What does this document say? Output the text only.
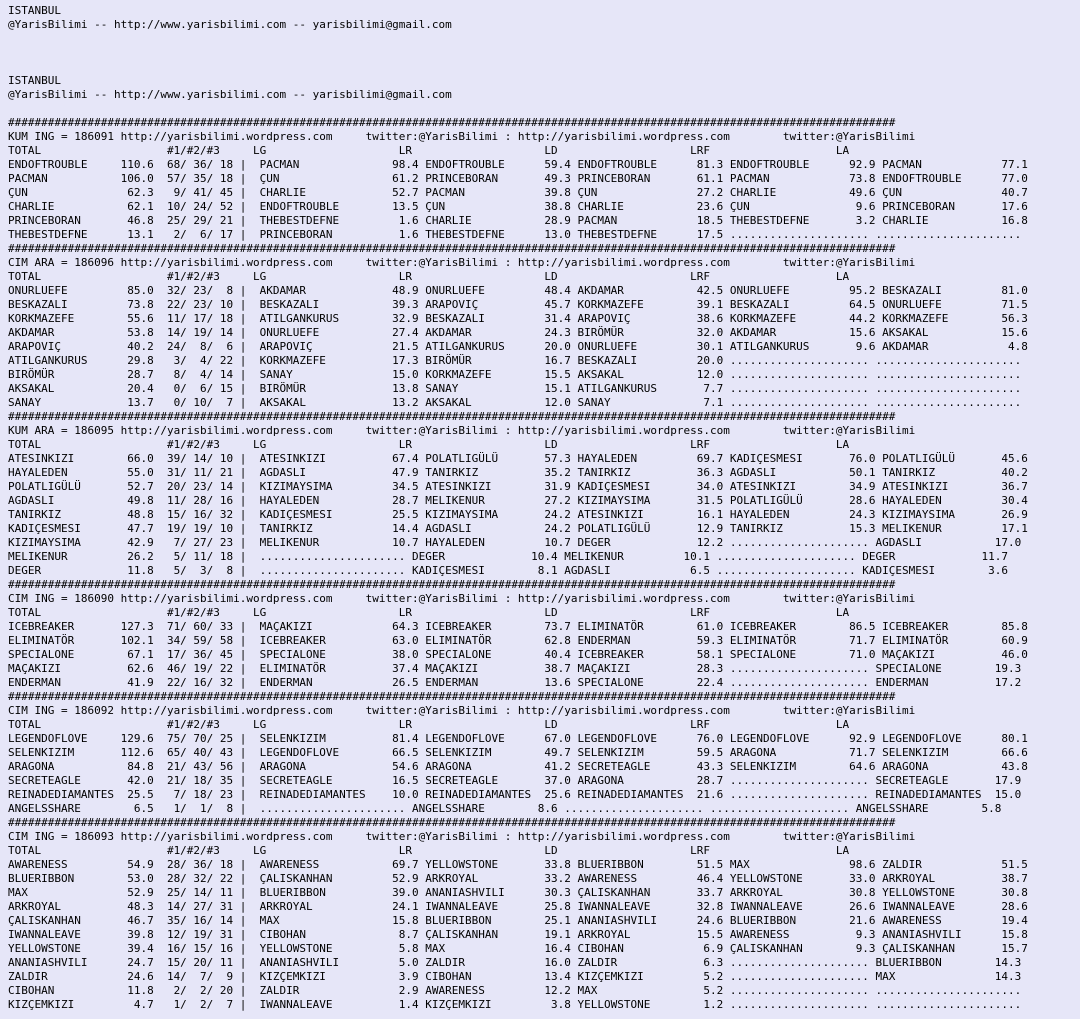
ISTANBUL
@YarisBilimi -- http://www.yarisbilimi.com -- yarisbilimi@gmail.com
ISTANBUL
@YarisBilimi -- http://www.yarisbilimi.com -- yarisbilimi@gmail.com
######################################################################################################################################
KUM ING = 186091 http://yarisbilimi.wordpress.com     twitter:@YarisBilimi : http://yarisbilimi.wordpress.com        twitter:@YarisBilimi
TOTAL                   #1/#2/#3     LG                    LR                    LD                    LRF                   LA
ENDOFTROUBLE     110.6  68/ 36/ 18 |  PACMAN              98.4 ENDOFTROUBLE      59.4 ENDOFTROUBLE      81.3 ENDOFTROUBLE      92.9 PACMAN            77.1
PACMAN           106.0  57/ 35/ 18 |  ÇUN                 61.2 PRINCEBORAN       49.3 PRINCEBORAN       61.1 PACMAN            73.8 ENDOFTROUBLE      77.0
ÇUN               62.3   9/ 41/ 45 |  CHARLIE             52.7 PACMAN            39.8 ÇUN               27.2 CHARLIE           49.6 ÇUN               40.7
CHARLIE           62.1  10/ 24/ 52 |  ENDOFTROUBLE        13.5 ÇUN               38.8 CHARLIE           23.6 ÇUN                9.6 PRINCEBORAN       17.6
PRINCEBORAN       46.8  25/ 29/ 21 |  THEBESTDEFNE         1.6 CHARLIE           28.9 PACMAN            18.5 THEBESTDEFNE       3.2 CHARLIE           16.8
THEBESTDEFNE      13.1   2/  6/ 17 |  PRINCEBORAN          1.6 THEBESTDEFNE      13.0 THEBESTDEFNE      17.5 ..................... ......................
######################################################################################################################################
CIM ARA = 186096 http://yarisbilimi.wordpress.com     twitter:@YarisBilimi : http://yarisbilimi.wordpress.com        twitter:@YarisBilimi
TOTAL                   #1/#2/#3     LG                    LR                    LD                    LRF                   LA
ONURLUEFE         85.0  32/ 23/  8 |  AKDAMAR             48.9 ONURLUEFE         48.4 AKDAMAR           42.5 ONURLUEFE         95.2 BESKAZALI         81.0
BESKAZALI         73.8  22/ 23/ 10 |  BESKAZALI           39.3 ARAPOVIÇ          45.7 KORKMAZEFE        39.1 BESKAZALI         64.5 ONURLUEFE         71.5
KORKMAZEFE        55.6  11/ 17/ 18 |  ATILGANKURUS        32.9 BESKAZALI         31.4 ARAPOVIÇ          38.6 KORKMAZEFE        44.2 KORKMAZEFE        56.3
AKDAMAR           53.8  14/ 19/ 14 |  ONURLUEFE           27.4 AKDAMAR           24.3 BIRÖMÜR           32.0 AKDAMAR           15.6 AKSAKAL           15.6
ARAPOVIÇ          40.2  24/  8/  6 |  ARAPOVIÇ            21.5 ATILGANKURUS      20.0 ONURLUEFE         30.1 ATILGANKURUS       9.6 AKDAMAR            4.8
ATILGANKURUS      29.8   3/  4/ 22 |  KORKMAZEFE          17.3 BIRÖMÜR           16.7 BESKAZALI         20.0 ..................... ......................
BIRÖMÜR           28.7   8/  4/ 14 |  SANAY               15.0 KORKMAZEFE        15.5 AKSAKAL           12.0 ..................... ......................
AKSAKAL           20.4   0/  6/ 15 |  BIRÖMÜR             13.8 SANAY             15.1 ATILGANKURUS       7.7 ..................... ......................
SANAY             13.7   0/ 10/  7 |  AKSAKAL             13.2 AKSAKAL           12.0 SANAY              7.1 ..................... ......................
######################################################################################################################################
KUM ARA = 186095 http://yarisbilimi.wordpress.com     twitter:@YarisBilimi : http://yarisbilimi.wordpress.com        twitter:@YarisBilimi
TOTAL                   #1/#2/#3     LG                    LR                    LD                    LRF                   LA
ATESINKIZI        66.0  39/ 14/ 10 |  ATESINKIZI          67.4 POLATLIGÜLÜ       57.3 HAYALEDEN         69.7 KADIÇESMESI       76.0 POLATLIGÜLÜ       45.6
HAYALEDEN         55.0  31/ 11/ 21 |  AGDASLI             47.9 TANIRKIZ          35.2 TANIRKIZ          36.3 AGDASLI           50.1 TANIRKIZ          40.2
POLATLIGÜLÜ       52.7  20/ 23/ 14 |  KIZIMAYSIMA         34.5 ATESINKIZI        31.9 KADIÇESMESI       34.0 ATESINKIZI        34.9 ATESINKIZI        36.7
AGDASLI           49.8  11/ 28/ 16 |  HAYALEDEN           28.7 MELIKENUR         27.2 KIZIMAYSIMA       31.5 POLATLIGÜLÜ       28.6 HAYALEDEN         30.4
TANIRKIZ          48.8  15/ 16/ 32 |  KADIÇESMESI         25.5 KIZIMAYSIMA       24.2 ATESINKIZI        16.1 HAYALEDEN         24.3 KIZIMAYSIMA       26.9
KADIÇESMESI       47.7  19/ 19/ 10 |  TANIRKIZ            14.4 AGDASLI           24.2 POLATLIGÜLÜ       12.9 TANIRKIZ          15.3 MELIKENUR         17.1
KIZIMAYSIMA       42.9   7/ 27/ 23 |  MELIKENUR           10.7 HAYALEDEN         10.7 DEGER             12.2 ..................... AGDASLI           17.0
MELIKENUR         26.2   5/ 11/ 18 |  ...................... DEGER             10.4 MELIKENUR         10.1 ..................... DEGER             11.7
DEGER             11.8   5/  3/  8 |  ...................... KADIÇESMESI        8.1 AGDASLI            6.5 ..................... KADIÇESMESI        3.6
######################################################################################################################################
CIM ING = 186090 http://yarisbilimi.wordpress.com     twitter:@YarisBilimi : http://yarisbilimi.wordpress.com        twitter:@YarisBilimi
TOTAL                   #1/#2/#3     LG                    LR                    LD                    LRF                   LA
ICEBREAKER       127.3  71/ 60/ 33 |  MAÇAKIZI            64.3 ICEBREAKER        73.7 ELIMINATÖR        61.0 ICEBREAKER        86.5 ICEBREAKER        85.8
ELIMINATÖR       102.1  34/ 59/ 58 |  ICEBREAKER          63.0 ELIMINATÖR        62.8 ENDERMAN          59.3 ELIMINATÖR        71.7 ELIMINATÖR        60.9
SPECIALONE        67.1  17/ 36/ 45 |  SPECIALONE          38.0 SPECIALONE        40.4 ICEBREAKER        58.1 SPECIALONE        71.0 MAÇAKIZI          46.0
MAÇAKIZI          62.6  46/ 19/ 22 |  ELIMINATÖR          37.4 MAÇAKIZI          38.7 MAÇAKIZI          28.3 ..................... SPECIALONE        19.3
ENDERMAN          41.9  22/ 16/ 32 |  ENDERMAN            26.5 ENDERMAN          13.6 SPECIALONE        22.4 ..................... ENDERMAN          17.2
######################################################################################################################################
CIM ING = 186092 http://yarisbilimi.wordpress.com     twitter:@YarisBilimi : http://yarisbilimi.wordpress.com        twitter:@YarisBilimi
TOTAL                   #1/#2/#3     LG                    LR                    LD                    LRF                   LA
LEGENDOFLOVE     129.6  75/ 70/ 25 |  SELENKIZIM          81.4 LEGENDOFLOVE      67.0 LEGENDOFLOVE      76.0 LEGENDOFLOVE      92.9 LEGENDOFLOVE      80.1
SELENKIZIM       112.6  65/ 40/ 43 |  LEGENDOFLOVE        66.5 SELENKIZIM        49.7 SELENKIZIM        59.5 ARAGONA           71.7 SELENKIZIM        66.6
ARAGONA           84.8  21/ 43/ 56 |  ARAGONA             54.6 ARAGONA           41.2 SECRETEAGLE       43.3 SELENKIZIM        64.6 ARAGONA           43.8
SECRETEAGLE       42.0  21/ 18/ 35 |  SECRETEAGLE         16.5 SECRETEAGLE       37.0 ARAGONA           28.7 ..................... SECRETEAGLE       17.9
REINADEDIAMANTES  25.5   7/ 18/ 23 |  REINADEDIAMANTES    10.0 REINADEDIAMANTES  25.6 REINADEDIAMANTES  21.6 ..................... REINADEDIAMANTES  15.0
ANGELSSHARE        6.5   1/  1/  8 |  ...................... ANGELSSHARE        8.6 ..................... ..................... ANGELSSHARE        5.8
######################################################################################################################################
CIM ING = 186093 http://yarisbilimi.wordpress.com     twitter:@YarisBilimi : http://yarisbilimi.wordpress.com        twitter:@YarisBilimi
TOTAL                   #1/#2/#3     LG                    LR                    LD                    LRF                   LA
AWARENESS         54.9  28/ 36/ 18 |  AWARENESS           69.7 YELLOWSTONE       33.8 BLUERIBBON        51.5 MAX               98.6 ZALDIR            51.5
BLUERIBBON        53.0  28/ 32/ 22 |  ÇALISKANHAN         52.9 ARKROYAL          33.2 AWARENESS         46.4 YELLOWSTONE       33.0 ARKROYAL          38.7
MAX               52.9  25/ 14/ 11 |  BLUERIBBON          39.0 ANANIASHVILI      30.3 ÇALISKANHAN       33.7 ARKROYAL          30.8 YELLOWSTONE       30.8
ARKROYAL          48.3  14/ 27/ 31 |  ARKROYAL            24.1 IWANNALEAVE       25.8 IWANNALEAVE       32.8 IWANNALEAVE       26.6 IWANNALEAVE       28.6
ÇALISKANHAN       46.7  35/ 16/ 14 |  MAX                 15.8 BLUERIBBON        25.1 ANANIASHVILI      24.6 BLUERIBBON        21.6 AWARENESS         19.4
IWANNALEAVE       39.8  12/ 19/ 31 |  CIBOHAN              8.7 ÇALISKANHAN       19.1 ARKROYAL          15.5 AWARENESS          9.3 ANANIASHVILI      15.8
YELLOWSTONE       39.4  16/ 15/ 16 |  YELLOWSTONE          5.8 MAX               16.4 CIBOHAN            6.9 ÇALISKANHAN        9.3 ÇALISKANHAN       15.7
ANANIASHVILI      24.7  15/ 20/ 11 |  ANANIASHVILI         5.0 ZALDIR            16.0 ZALDIR             6.3 ..................... BLUERIBBON        14.3
ZALDIR            24.6  14/  7/  9 |  KIZÇEMKIZI           3.9 CIBOHAN           13.4 KIZÇEMKIZI         5.2 ..................... MAX               14.3
CIBOHAN           11.8   2/  2/ 20 |  ZALDIR               2.9 AWARENESS         12.2 MAX                5.2 ..................... ......................
KIZÇEMKIZI         4.7   1/  2/  7 |  IWANNALEAVE          1.4 KIZÇEMKIZI         3.8 YELLOWSTONE        1.2 ..................... ......................
